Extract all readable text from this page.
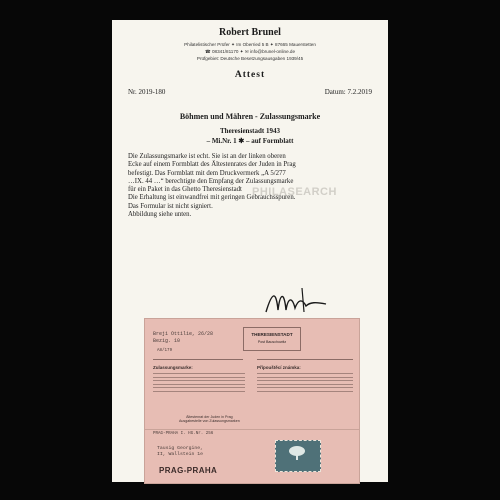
Robert Brunel
Philatelistischer Prüfer ✦ Im Oberried 5 B ✦ 87665 Mauerstetten
☎ 08341/81170 ✦ ✉ info@brunel-online.de
Prüfgebiet: Deutsche Besetzungsausgaben 1939/45
Attest
Nr. 2019-180	Datum: 7.2.2019
Böhmen und Mähren - Zulassungsmarke
Theresienstadt 1943
– Mi.Nr. 1 ✱ – auf Formblatt
Die Zulassungsmarke ist echt. Sie ist an der linken oberen
Ecke auf einem Formblatt des Ältestenrates der Juden in Prag
befestigt. Das Formblatt mit dem Druckvermerk „A 5/277
…IX. 44 …“ berechtigte den Empfang der Zulassungsmarke
für ein Paket in das Ghetto Theresienstadt
Die Erhaltung ist einwandfrei mit geringen Gebrauchsspuren.
Das Formular ist nicht signiert.
Abbildung siehe unten.
PHILASEARCH
Breji Ottilie, 26/28
Bezig. 10
A8/179
THERESIENSTADT
Post Bauschowitz
Zulassungsmarke:	Přípouštěcí známka:
Ältestenrat der Juden in Prag
Ausgabestelle von Zulassungsmarken
PRAG-PRAHA I. HG.Nr. 256
Tausig Georgine,
II, Wallstein 1e
PRAG-PRAHA
